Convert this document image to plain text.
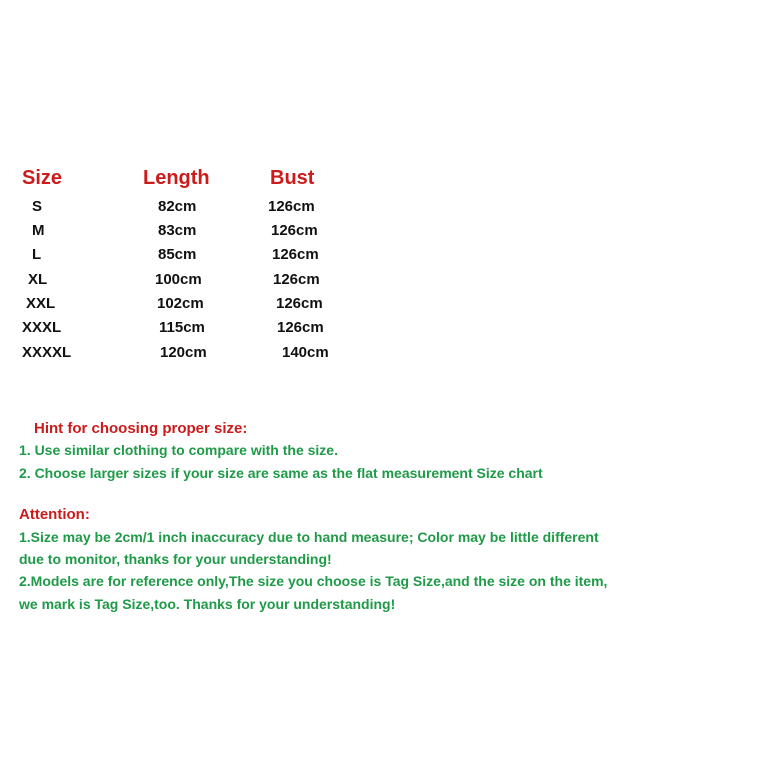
Size	Length	Bust
S	82cm	126cm
M	83cm	126cm
L	85cm	126cm
XL	100cm	126cm
XXL	102cm	126cm
XXXL	115cm	126cm
XXXXL	120cm	140cm
Hint for choosing proper size:
1. Use similar clothing to compare with the size.
2. Choose larger sizes if your size are same as the flat measurement Size chart
Attention:
1.Size may be 2cm/1 inch inaccuracy due to hand measure; Color may be little different
due to monitor, thanks for your understanding!
2.Models are for reference only,The size you choose is Tag Size,and the size on the item,
we mark is Tag Size,too. Thanks for your understanding!
